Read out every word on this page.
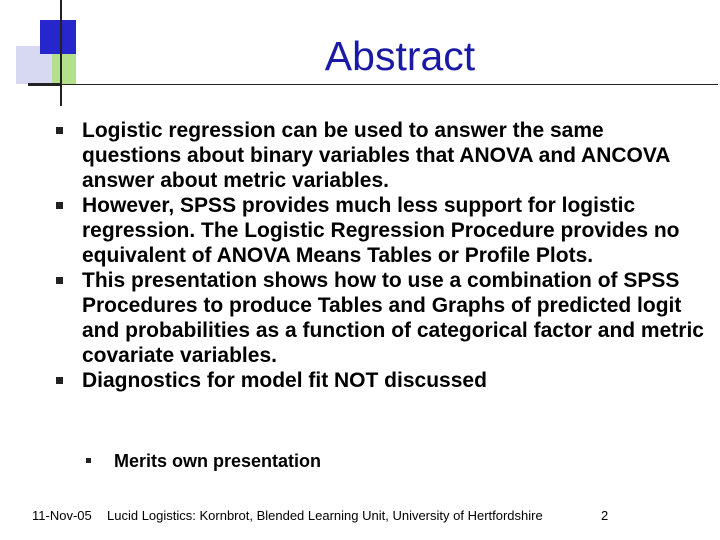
Abstract
Logistic regression can be used to answer the same questions about binary variables that ANOVA and ANCOVA answer about metric variables.
However, SPSS provides much less support for logistic regression. The Logistic Regression Procedure provides no equivalent of ANOVA Means Tables or Profile Plots.
This presentation shows how to use a combination of SPSS Procedures to produce Tables and Graphs of predicted logit and probabilities as a function of categorical factor and metric covariate variables.
Diagnostics for model fit NOT discussed
Merits own presentation
11-Nov-05 Lucid Logistics: Kornbrot, Blended Learning Unit, University of Hertfordshire	2
